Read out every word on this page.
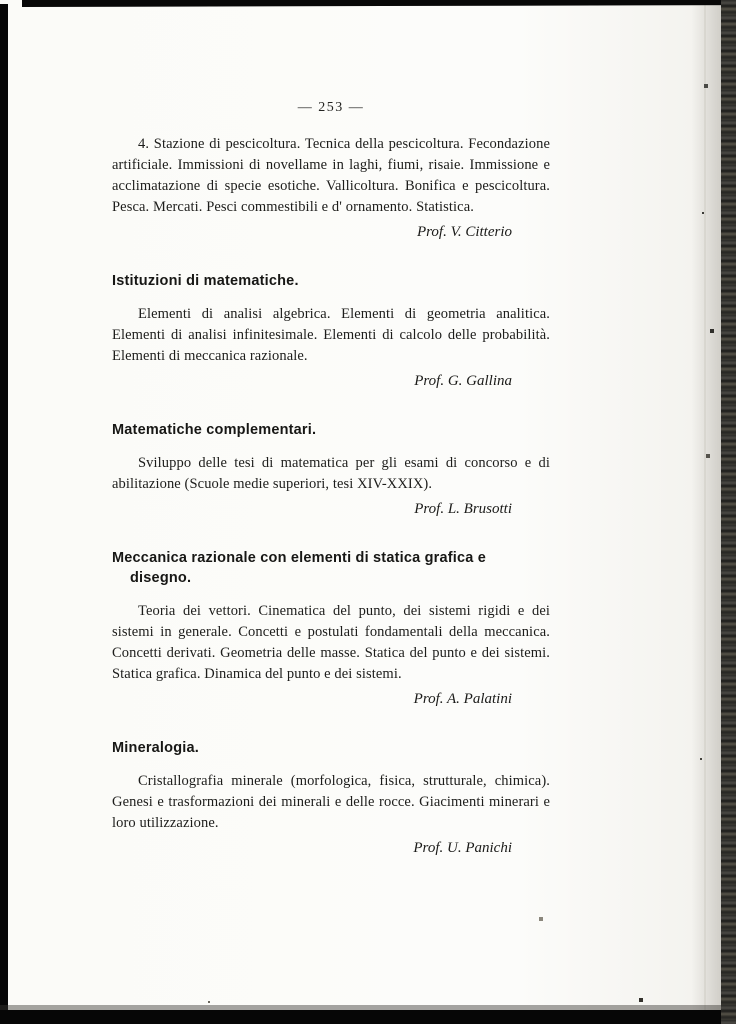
— 253 —

4. Stazione di pescicoltura. Tecnica della pescicoltura. Fecondazione artificiale. Immissioni di novellame in laghi, fiumi, risaie. Immissione e acclimatazione di specie esotiche. Vallicoltura. Bonifica e pescicoltura. Pesca. Mercati. Pesci commestibili e d' ornamento. Statistica.

Prof. V. Citterio

Istituzioni di matematiche.

Elementi di analisi algebrica. Elementi di geometria analitica. Elementi di analisi infinitesimale. Elementi di calcolo delle probabilità. Elementi di meccanica razionale.

Prof. G. Gallina

Matematiche complementari.

Sviluppo delle tesi di matematica per gli esami di concorso e di abilitazione (Scuole medie superiori, tesi XIV-XXIX).

Prof. L. Brusotti

Meccanica razionale con elementi di statica grafica e disegno.

Teoria dei vettori. Cinematica del punto, dei sistemi rigidi e dei sistemi in generale. Concetti e postulati fondamentali della meccanica. Concetti derivati. Geometria delle masse. Statica del punto e dei sistemi. Statica grafica. Dinamica del punto e dei sistemi.

Prof. A. Palatini

Mineralogia.

Cristallografia minerale (morfologica, fisica, strutturale, chimica). Genesi e trasformazioni dei minerali e delle rocce. Giacimenti minerari e loro utilizzazione.

Prof. U. Panichi
